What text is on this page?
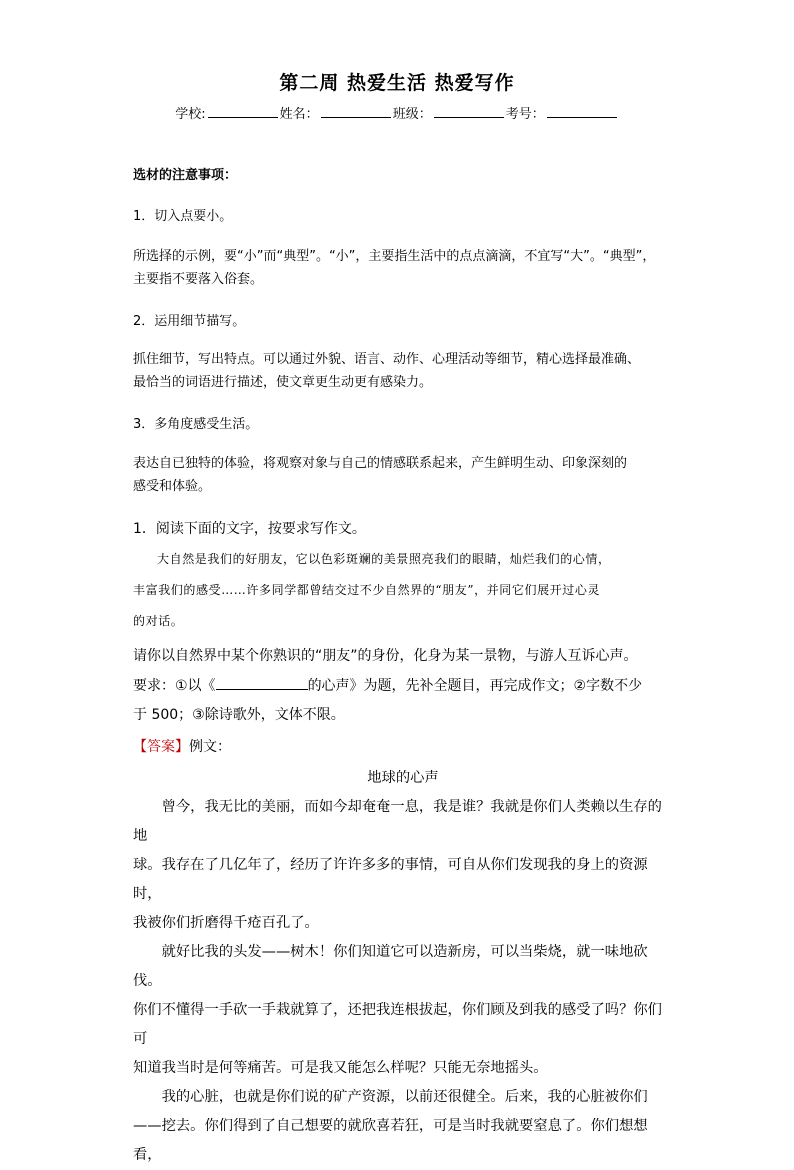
第二周 热爱生活 热爱写作
学校:	姓名：	班级：	考号：
选材的注意事项：
1．切入点要小。

所选择的示例，要“小”而“典型”。“小”，主要指生活中的点点滴滴，不宜写“大”。“典型”，

主要指不要落入俗套。

2．运用细节描写。

抓住细节，写出特点。可以通过外貌、语言、动作、心理活动等细节，精心选择最准确、

最恰当的词语进行描述，使文章更生动更有感染力。

3．多角度感受生活。

表达自已独特的体验，将观察对象与自己的情感联系起来，产生鲜明生动、印象深刻的

感受和体验。

1．阅读下面的文字，按要求写作文。

大自然是我们的好朋友，它以色彩斑斓的美景照亮我们的眼睛，灿烂我们的心情，

丰富我们的感受……许多同学都曾结交过不少自然界的“朋友”，并同它们展开过心灵

的对话。

请你以自然界中某个你熟识的“朋友”的身份，化身为某一景物，与游人互诉心声。

要求：①以《	的心声》为题，先补全题目，再完成作文；②字数不少

于 500；③除诗歌外，文体不限。

【答案】例文：

地球的心声

曾今，我无比的美丽，而如今却奄奄一息，我是谁？我就是你们人类赖以生存的地

球。我存在了几亿年了，经历了许许多多的事情，可自从你们发现我的身上的资源时，

我被你们折磨得千疮百孔了。

就好比我的头发——树木！你们知道它可以造新房，可以当柴烧，就一味地砍伐。

你们不懂得一手砍一手栽就算了，还把我连根拔起，你们顾及到我的感受了吗？你们可

知道我当时是何等痛苦。可是我又能怎么样呢？只能无奈地摇头。

我的心脏，也就是你们说的矿产资源，以前还很健全。后来，我的心脏被你们

——挖去。你们得到了自己想要的就欣喜若狂，可是当时我就要窒息了。你们想想看，
